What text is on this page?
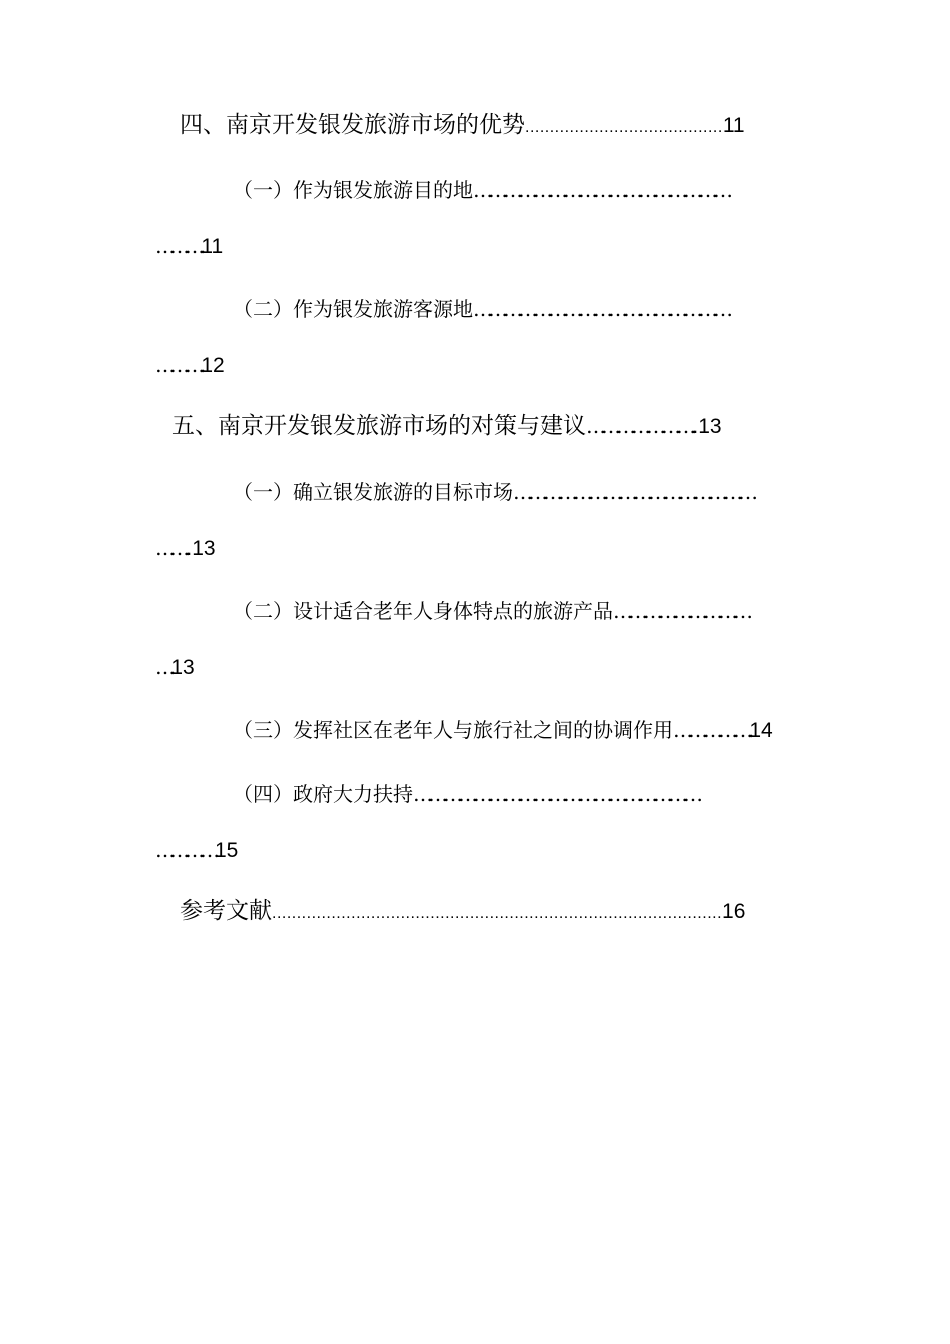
四、南京开发银发旅游市场的优势........................................11
（一）作为银发旅游目的地……………………………………………
……….11
（二）作为银发旅游客源地……………………………………………
……….12
五、南京开发银发旅游市场的对策与建议…………………..13
（一）确立银发旅游的目标市场…………………………………………
……..13
（二）设计适合老年人身体特点的旅游产品………………………
….13
（三）发挥社区在老年人与旅行社之间的协调作用…………….14
（四）政府大力扶持…………………………………………………
…………15
参考文献...........................................................................................16
